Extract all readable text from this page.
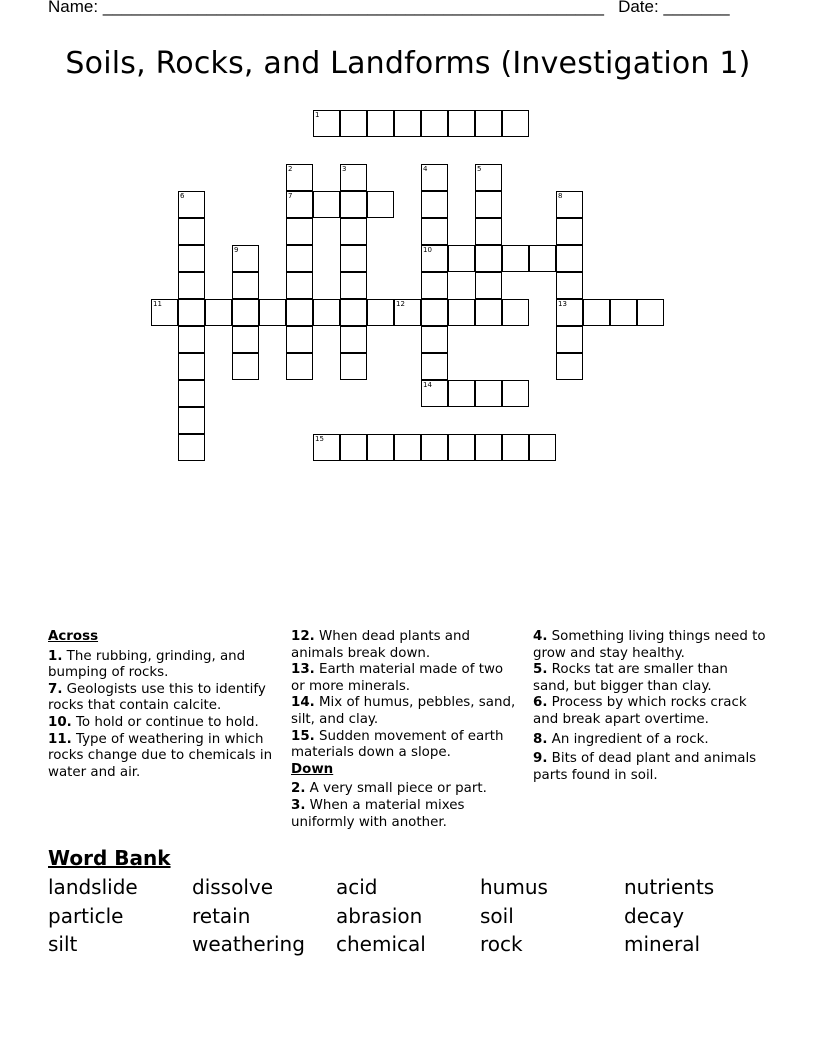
Name: _____________________________________________________ Date: _______
Soils, Rocks, and Landforms (Investigation 1)
1
2
7
3	4
10
14
5
6	8
13
9
11	12
15

Across

1. The rubbing, grinding, and bumping of rocks.

7. Geologists use this to identify rocks that contain calcite.

10. To hold or continue to hold.

11. Type of weathering in which rocks change due to chemicals in water and air.

12. When dead plants and animals break down.

13. Earth material made of two or more minerals.

14. Mix of humus, pebbles, sand, silt, and clay.

15. Sudden movement of earth materials down a slope.

Down

2. A very small piece or part.

3. When a material mixes uniformly with another.

4. Something living things need to grow and stay healthy.

5. Rocks tat are smaller than sand, but bigger than clay.

6. Process by which rocks crack and break apart overtime.

8. An ingredient of a rock.

9. Bits of dead plant and animals parts found in soil.

Word Bank
landslide	dissolve	acid	humus	nutrients
particle	retain	abrasion	soil	decay
silt	weathering	chemical	rock	mineral
